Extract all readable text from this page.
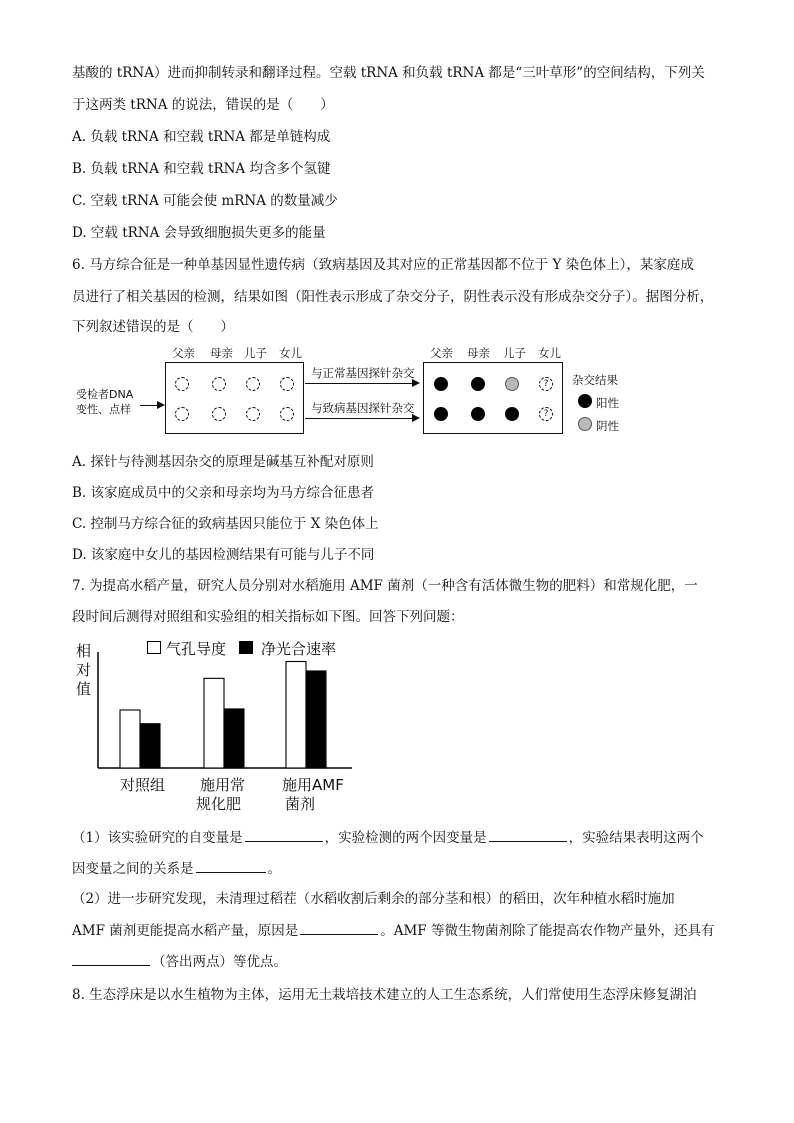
基酸的 tRNA）进而抑制转录和翻译过程。空载 tRNA 和负载 tRNA 都是“三叶草形”的空间结构，下列关
于这两类 tRNA 的说法，错误的是（　　）
A. 负载 tRNA 和空载 tRNA 都是单链构成
B. 负载 tRNA 和空载 tRNA 均含多个氢键
C. 空载 tRNA 可能会使 mRNA 的数量减少
D. 空载 tRNA 会导致细胞损失更多的能量
6. 马方综合征是一种单基因显性遗传病（致病基因及其对应的正常基因都不位于 Y 染色体上），某家庭成
员进行了相关基因的检测，结果如图（阳性表示形成了杂交分子，阴性表示没有形成杂交分子）。据图分析，
下列叙述错误的是（　　）
父亲 母亲 儿子 女儿	父亲 母亲 儿子 女儿
受检者DNA
变性、点样
与正常基因探针杂交
与致病基因探针杂交
?
?
杂交结果
阳性
阴性
A. 探针与待测基因杂交的原理是碱基互补配对原则
B. 该家庭成员中的父亲和母亲均为马方综合征患者
C. 控制马方综合征的致病基因只能位于 X 染色体上
D. 该家庭中女儿的基因检测结果有可能与儿子不同
7. 为提高水稻产量，研究人员分别对水稻施用 AMF 菌剂（一种含有活体微生物的肥料）和常规化肥，一
段时间后测得对照组和实验组的相关指标如下图。回答下列问题：
相
对
值
气孔导度 净光合速率
对照组 施用常
规化肥
施用AMF
菌剂
（1）该实验研究的自变量是	，实验检测的两个因变量是	，实验结果表明这两个
因变量之间的关系是	。
（2）进一步研究发现，未清理过稻茬（水稻收割后剩余的部分茎和根）的稻田，次年种植水稻时施加
AMF 菌剂更能提高水稻产量，原因是	。AMF 等微生物菌剂除了能提高农作物产量外，还具有
（答出两点）等优点。
8. 生态浮床是以水生植物为主体，运用无土栽培技术建立的人工生态系统，人们常使用生态浮床修复湖泊
